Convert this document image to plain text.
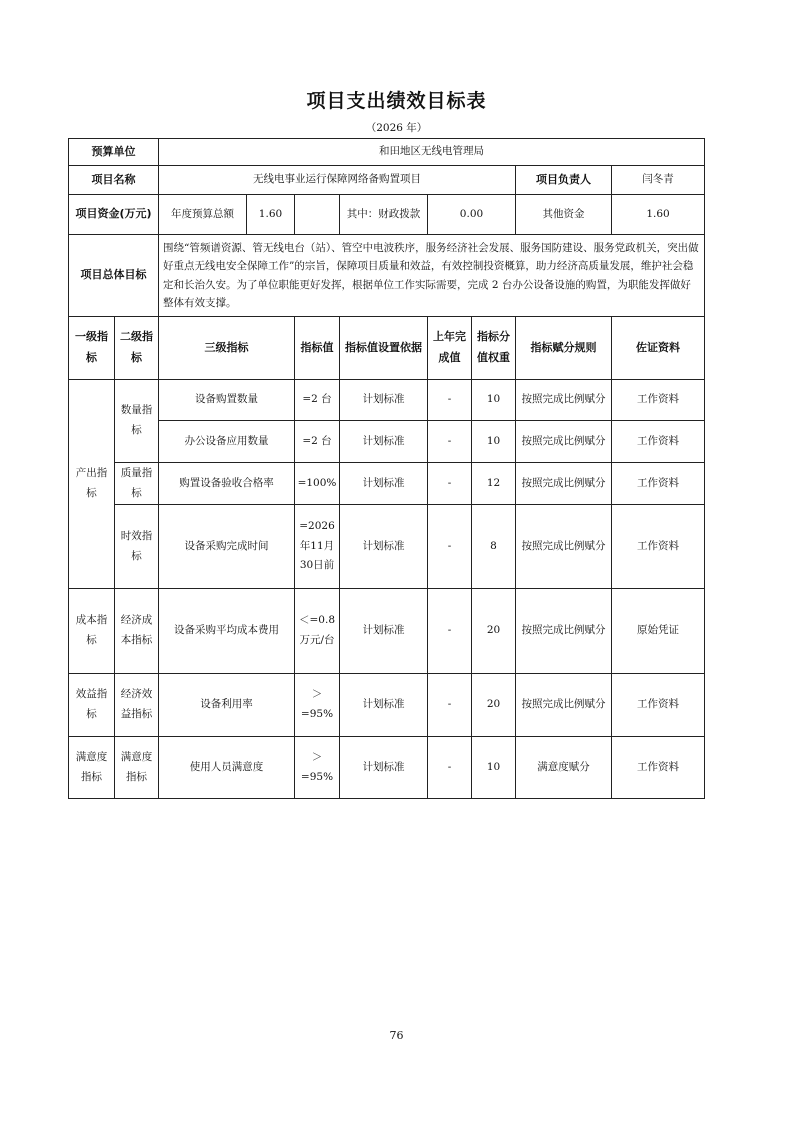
项目支出绩效目标表
（2026 年）
预算单位		和田地区无线电管理局						
项目名称		无线电事业运行保障网络备购置项目					项目负责人	闫冬青
项目资金(万元)		年度预算总额 1.60		其中：财政拨款	0.00		其他资金	1.60
项目总体目标		围绕“管频谱资源、管无线电台（站）、管空中电波秩序，服务经济社会发展、服务国防建设、服务党政机关，突出做好重点无线电安全保障工作”的宗旨，保障项目质量和效益，有效控制投资概算，助力经济高质量发展，维护社会稳定和长治久安。为了单位职能更好发挥，根据单位工作实际需要，完成 2 台办公设备设施的购置，为职能发挥做好整体有效支撑。						
一级指标	二级指标	三级指标	指标值	指标值设置依据	上年完成值	指标分值权重	指标赋分规则	佐证资料
产出指标	数量指标	设备购置数量	=2 台	计划标准	-	10	按照完成比例赋分	工作资料
		办公设备应用数量	=2 台	计划标准	-	10	按照完成比例赋分	工作资料
	质量指标	购置设备验收合格率	=100%	计划标准	-	12	按照完成比例赋分	工作资料
	时效指标	设备采购完成时间	=2026年11月30日前	计划标准	-	8	按照完成比例赋分	工作资料
成本指标	经济成本指标	设备采购平均成本费用	＜=0.8万元/台	计划标准	-	20	按照完成比例赋分	原始凭证
效益指标	经济效益指标	设备利用率	＞=95%	计划标准	-	20	按照完成比例赋分	工作资料
满意度指标	满意度指标	使用人员满意度	＞=95%	计划标准	-	10	满意度赋分	工作资料
76
